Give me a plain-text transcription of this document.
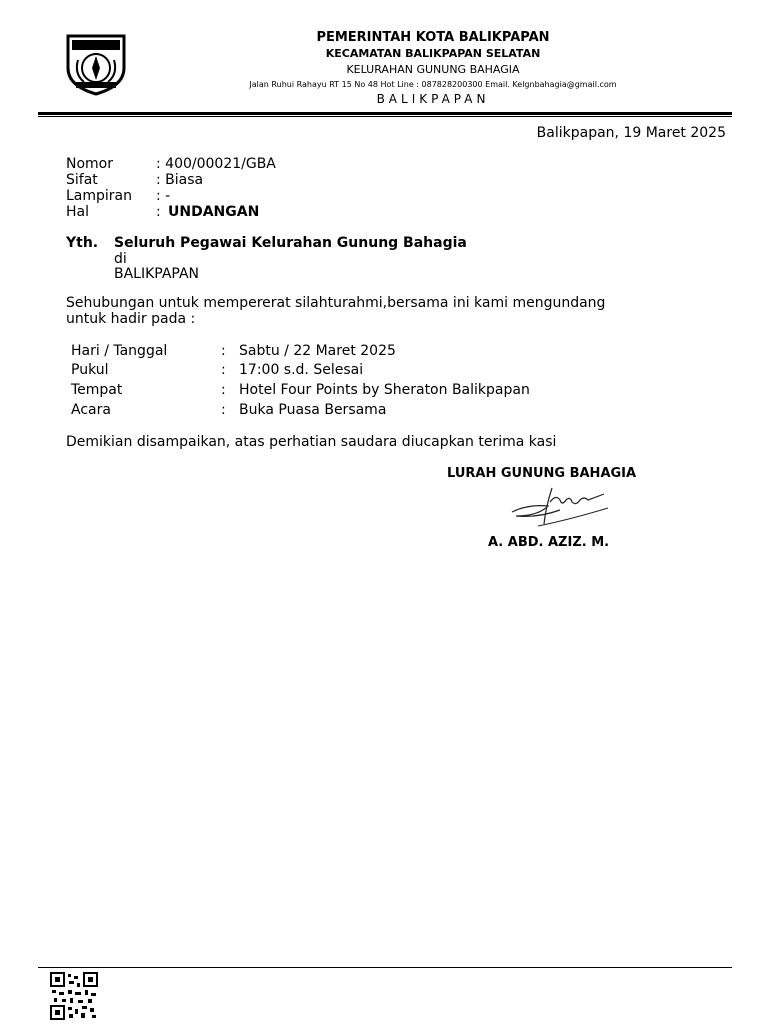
PEMERINTAH KOTA BALIKPAPAN
KECAMATAN BALIKPAPAN SELATAN
KELURAHAN GUNUNG BAHAGIA
Jalan Ruhui Rahayu RT 15 No 48 Hot Line : 087828200300 Email. Kelgnbahagia@gmail.com
BALIKPAPAN
Balikpapan, 19 Maret 2025
Nomor	: 400/00021/GBA
Sifat	: Biasa
Lampiran : -
Hal	: UNDANGAN
Yth. Seluruh Pegawai Kelurahan Gunung Bahagia
di
BALIKPAPAN
Sehubungan untuk mempererat silahturahmi,bersama ini kami mengundang
untuk hadir pada :
Hari / Tanggal	: Sabtu / 22 Maret 2025
Pukul	: 17:00 s.d. Selesai
Tempat	: Hotel Four Points by Sheraton Balikpapan
Acara	: Buka Puasa Bersama
Demikian disampaikan, atas perhatian saudara diucapkan terima kasi
LURAH GUNUNG BAHAGIA
A. ABD. AZIZ. M.
